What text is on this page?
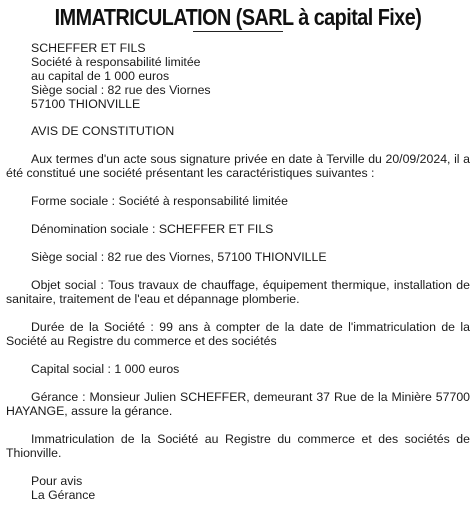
IMMATRICULATION (SARL à capital Fixe)
SCHEFFER ET FILS
Société à responsabilité limitée
au capital de 1 000 euros
Siège social : 82 rue des Viornes
57100 THIONVILLE
AVIS DE CONSTITUTION

Aux termes d'un acte sous signature privée en date à Terville du 20/09/2024, il a été constitué une société présentant les caractéristiques suivantes :

Forme sociale : Société à responsabilité limitée

Dénomination sociale : SCHEFFER ET FILS

Siège social : 82 rue des Viornes, 57100 THIONVILLE

Objet social : Tous travaux de chauffage, équipement thermique, installation de sanitaire, traitement de l'eau et dépannage plomberie.

Durée de la Société : 99 ans à compter de la date de l'immatriculation de la Société au Registre du commerce et des sociétés

Capital social : 1 000 euros

Gérance : Monsieur Julien SCHEFFER, demeurant 37 Rue de la Minière 57700 HAYANGE, assure la gérance.

Immatriculation de la Société au Registre du commerce et des sociétés de Thionville.

Pour avis
La Gérance
